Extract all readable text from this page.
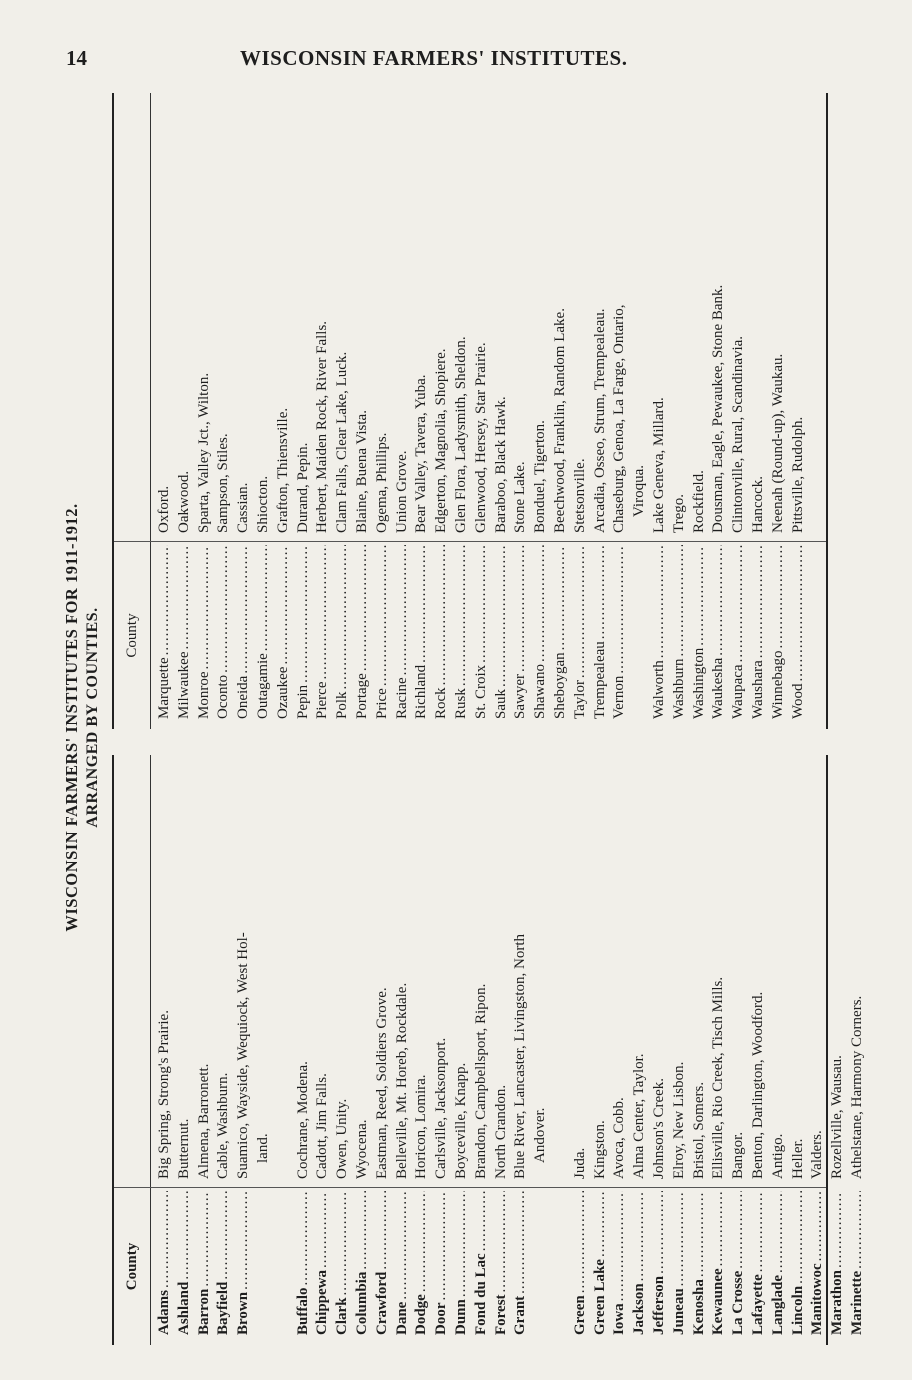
14	WISCONSIN FARMERS' INSTITUTES.
WISCONSIN FARMERS' INSTITUTES FOR 1911-1912. ARRANGED BY COUNTIES.
County
Adams
.....
Big Spring, Strong's Prairie.
Ashland
.....
Butternut.
Barron
.....
Almena, Barronett.
Bayfield
.....
Cable, Washburn.
Brown
.....
Suamico, Wayside, Wequiock, West Hol- land.
Buffalo
.....
Cochrane, Modena.
Chippewa
.....
Cadott, Jim Falls.
Clark
.....
Owen, Unity.
Columbia
.....
Wyocena.
Crawford
.....
Eastman, Reed, Soldiers Grove.
Dane
.....
Belleville, Mt. Horeb, Rockdale.
Dodge
.....
Horicon, Lomira.
Door
.....
Carlsville, Jacksonport.
Dunn
.....
Boyceville, Knapp.
Fond du Lac
.....
Brandon, Campbellsport, Ripon.
Forest
.....
North Crandon.
Grant
.....
Blue River, Lancaster, Livingston, North Andover.
Green
.....
Juda.
Green Lake
.....
Kingston.
Iowa
.....
Avoca, Cobb.
Jackson
.....
Alma Center, Taylor.
Jefferson
.....
Johnson's Creek.
Juneau
.....
Elroy, New Lisbon.
Kenosha
.....
Bristol, Somers.
Kewaunee
.....
Ellisville, Rio Creek, Tisch Mills.
La Crosse
.....
Bangor.
Lafayette
.....
Benton, Darlington, Woodford.
Langlade
.....
Antigo.
Lincoln
.....
Heller.
Manitowoc
.....
Valders.
Marathon
.....
Rozellville, Wausau.
Marinette
.....
Athelstane, Harmony Corners.
County
Marquette
.....
Oxford.
Milwaukee
.....
Oakwood.
Monroe
.....
Sparta, Valley Jct., Wilton.
Oconto
.....
Sampson, Stiles.
Oneida
.....
Cassian.
Outagamie
.....
Shiocton.
Ozaukee
.....
Grafton, Thiensville.
Pepin
.....
Durand, Pepin.
Pierce
.....
Herbert, Maiden Rock, River Falls.
Polk
.....
Clam Falls, Clear Lake, Luck.
Portage
.....
Blaine, Buena Vista.
Price
.....
Ogema, Phillips.
Racine
.....
Union Grove.
Richland
.....
Bear Valley, Tavera, Yuba.
Rock
.....
Edgerton, Magnolia, Shopiere.
Rusk
.....
Glen Flora, Ladysmith, Sheldon.
St. Croix
.....
Glenwood, Hersey, Star Prairie.
Sauk
.....
Baraboo, Black Hawk.
Sawyer
.....
Stone Lake.
Shawano
.....
Bonduel, Tigerton.
Sheboygan
.....
Beechwood, Franklin, Random Lake.
Taylor
.....
Stetsonville.
Trempealeau
.....
Arcadia, Osseo, Strum, Trempealeau.
Vernon
.....
Chaseburg, Genoa, La Farge, Ontario, Viroqua.
Walworth
.....
Lake Geneva, Millard.
Washburn
.....
Trego.
Washington
.....
Rockfield.
Waukesha
.....
Dousman, Eagle, Pewaukee, Stone Bank.
Waupaca
.....
Clintonville, Rural, Scandinavia.
Waushara
.....
Hancock.
Winnebago
.....
Neenah (Round-up), Waukau.
Wood
.....
Pittsville, Rudolph.
